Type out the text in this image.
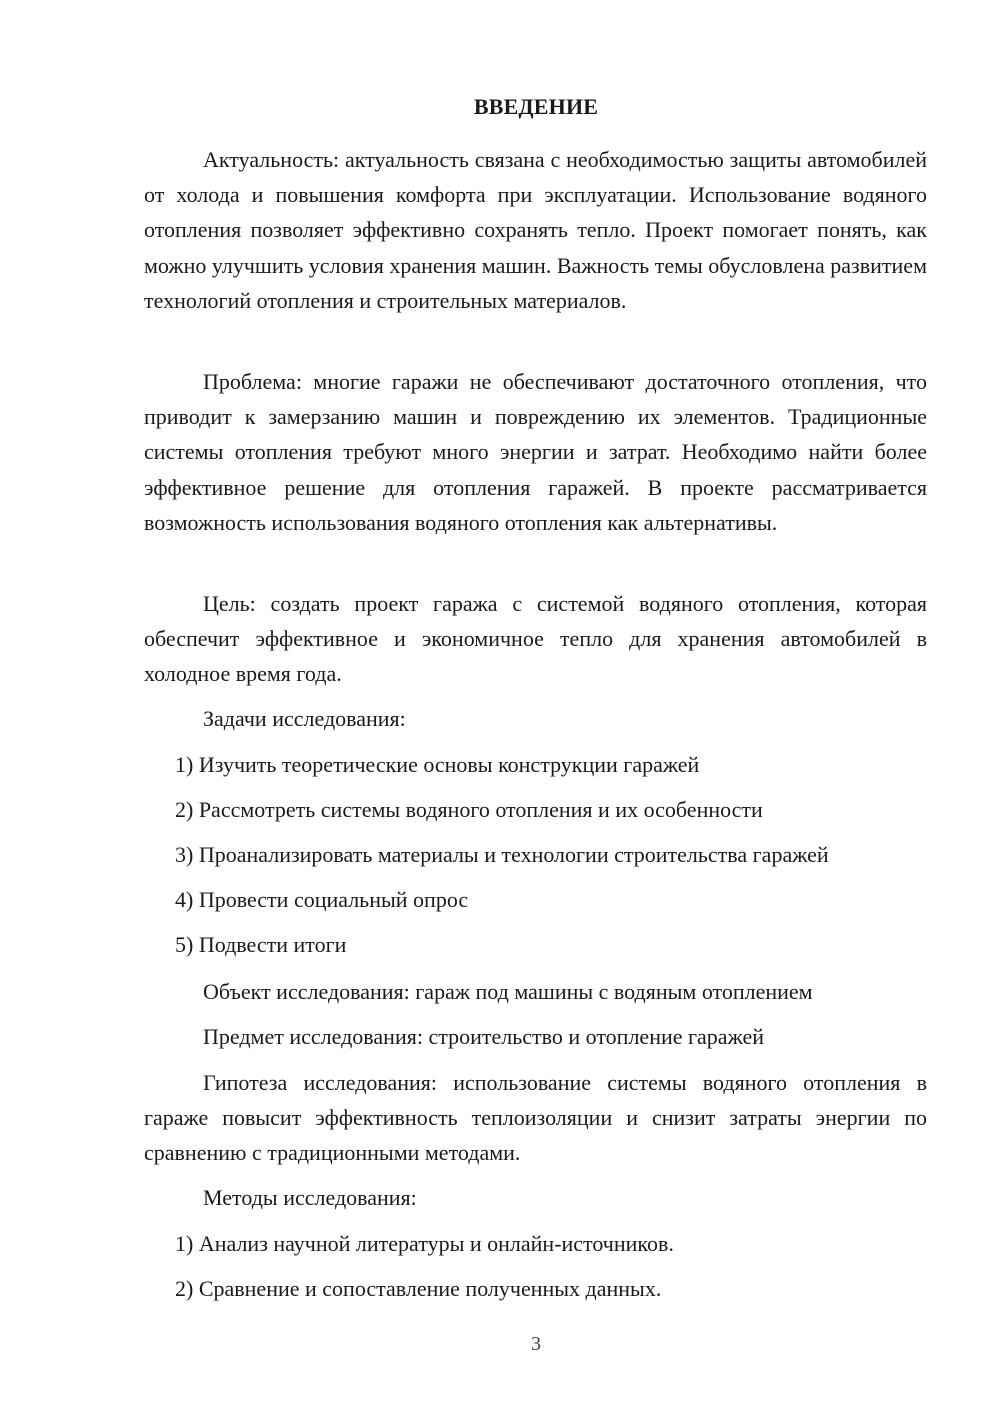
ВВЕДЕНИЕ

Актуальность: актуальность связана с необходимостью защиты автомобилей от холода и повышения комфорта при эксплуатации. Использование водяного отопления позволяет эффективно сохранять тепло. Проект помогает понять, как можно улучшить условия хранения машин. Важность темы обусловлена развитием технологий отопления и строительных материалов.

Проблема: многие гаражи не обеспечивают достаточного отопления, что приводит к замерзанию машин и повреждению их элементов. Традиционные системы отопления требуют много энергии и затрат. Необходимо найти более эффективное решение для отопления гаражей. В проекте рассматривается возможность использования водяного отопления как альтернативы.

Цель: создать проект гаража с системой водяного отопления, которая обеспечит эффективное и экономичное тепло для хранения автомобилей в холодное время года.

Задачи исследования:

1) Изучить теоретические основы конструкции гаражей

2) Рассмотреть системы водяного отопления и их особенности

3) Проанализировать материалы и технологии строительства гаражей

4) Провести социальный опрос

5) Подвести итоги

Объект исследования: гараж под машины с водяным отоплением

Предмет исследования: строительство и отопление гаражей

Гипотеза исследования: использование системы водяного отопления в гараже повысит эффективность теплоизоляции и снизит затраты энергии по сравнению с традиционными методами.

Методы исследования:

1) Анализ научной литературы и онлайн-источников.

2) Сравнение и сопоставление полученных данных.

3
